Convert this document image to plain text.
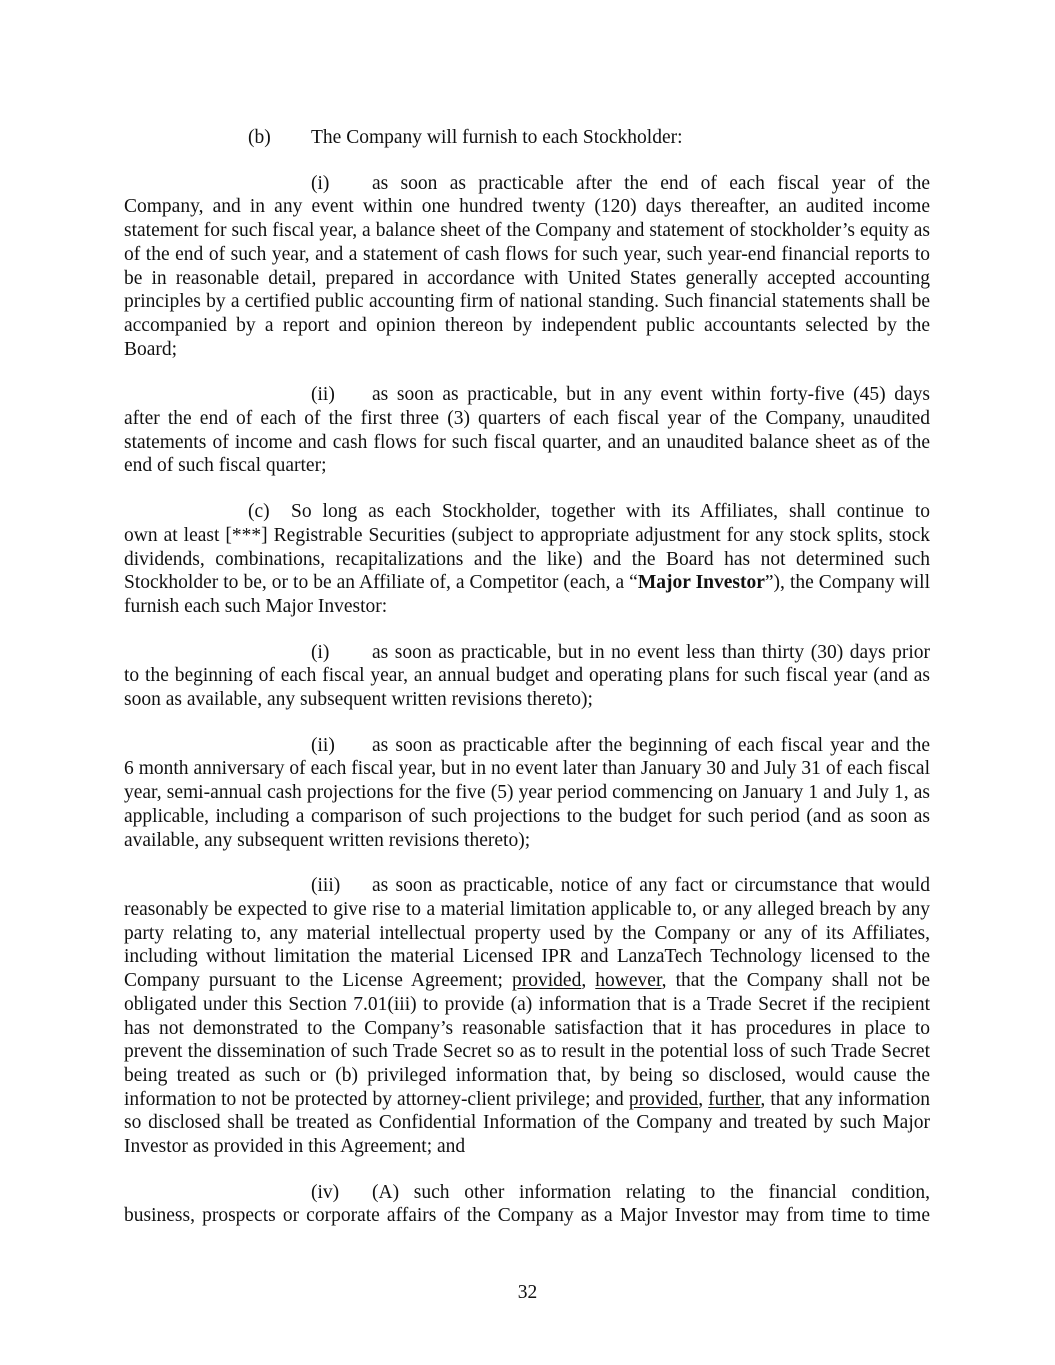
(b) The Company will furnish to each Stockholder:

(i)	as soon as practicable after the end of each fiscal year of the
Company, and in any event within one hundred twenty (120) days thereafter, an audited income statement for such fiscal year, a balance sheet of the Company and statement of stockholder’s equity as of the end of such year, and a statement of cash flows for such year, such year-end financial reports to be in reasonable detail, prepared in accordance with United States generally accepted accounting principles by a certified public accounting firm of national standing. Such financial statements shall be accompanied by a report and opinion thereon by independent public accountants selected by the Board;

(ii)	as soon as practicable, but in any event within forty-five (45) days
after the end of each of the first three (3) quarters of each fiscal year of the Company, unaudited statements of income and cash flows for such fiscal quarter, and an unaudited balance sheet as of the end of such fiscal quarter;

(c)	So long as each Stockholder, together with its Affiliates, shall continue to
own at least [***] Registrable Securities (subject to appropriate adjustment for any stock splits, stock dividends, combinations, recapitalizations and the like) and the Board has not determined such Stockholder to be, or to be an Affiliate of, a Competitor (each, a “Major Investor”), the Company will furnish each such Major Investor:

(i)	as soon as practicable, but in no event less than thirty (30) days prior
to the beginning of each fiscal year, an annual budget and operating plans for such fiscal year (and as soon as available, any subsequent written revisions thereto);

(ii)	as soon as practicable after the beginning of each fiscal year and the
6 month anniversary of each fiscal year, but in no event later than January 30 and July 31 of each fiscal year, semi-annual cash projections for the five (5) year period commencing on January 1 and July 1, as applicable, including a comparison of such projections to the budget for such period (and as soon as available, any subsequent written revisions thereto);

(iii)	as soon as practicable, notice of any fact or circumstance that would
reasonably be expected to give rise to a material limitation applicable to, or any alleged breach by any party relating to, any material intellectual property used by the Company or any of its Affiliates, including without limitation the material Licensed IPR and LanzaTech Technology licensed to the Company pursuant to the License Agreement; provided, however, that the Company shall not be obligated under this Section 7.01(iii) to provide (a) information that is a Trade Secret if the recipient has not demonstrated to the Company’s reasonable satisfaction that it has procedures in place to prevent the dissemination of such Trade Secret so as to result in the potential loss of such Trade Secret being treated as such or (b) privileged information that, by being so disclosed, would cause the information to not be protected by attorney-client privilege; and provided, further, that any information so disclosed shall be treated as Confidential Information of the Company and treated by such Major Investor as provided in this Agreement; and

(iv)	(A) such other information relating to the financial condition,
business, prospects or corporate affairs of the Company as a Major Investor may from time to time

32
